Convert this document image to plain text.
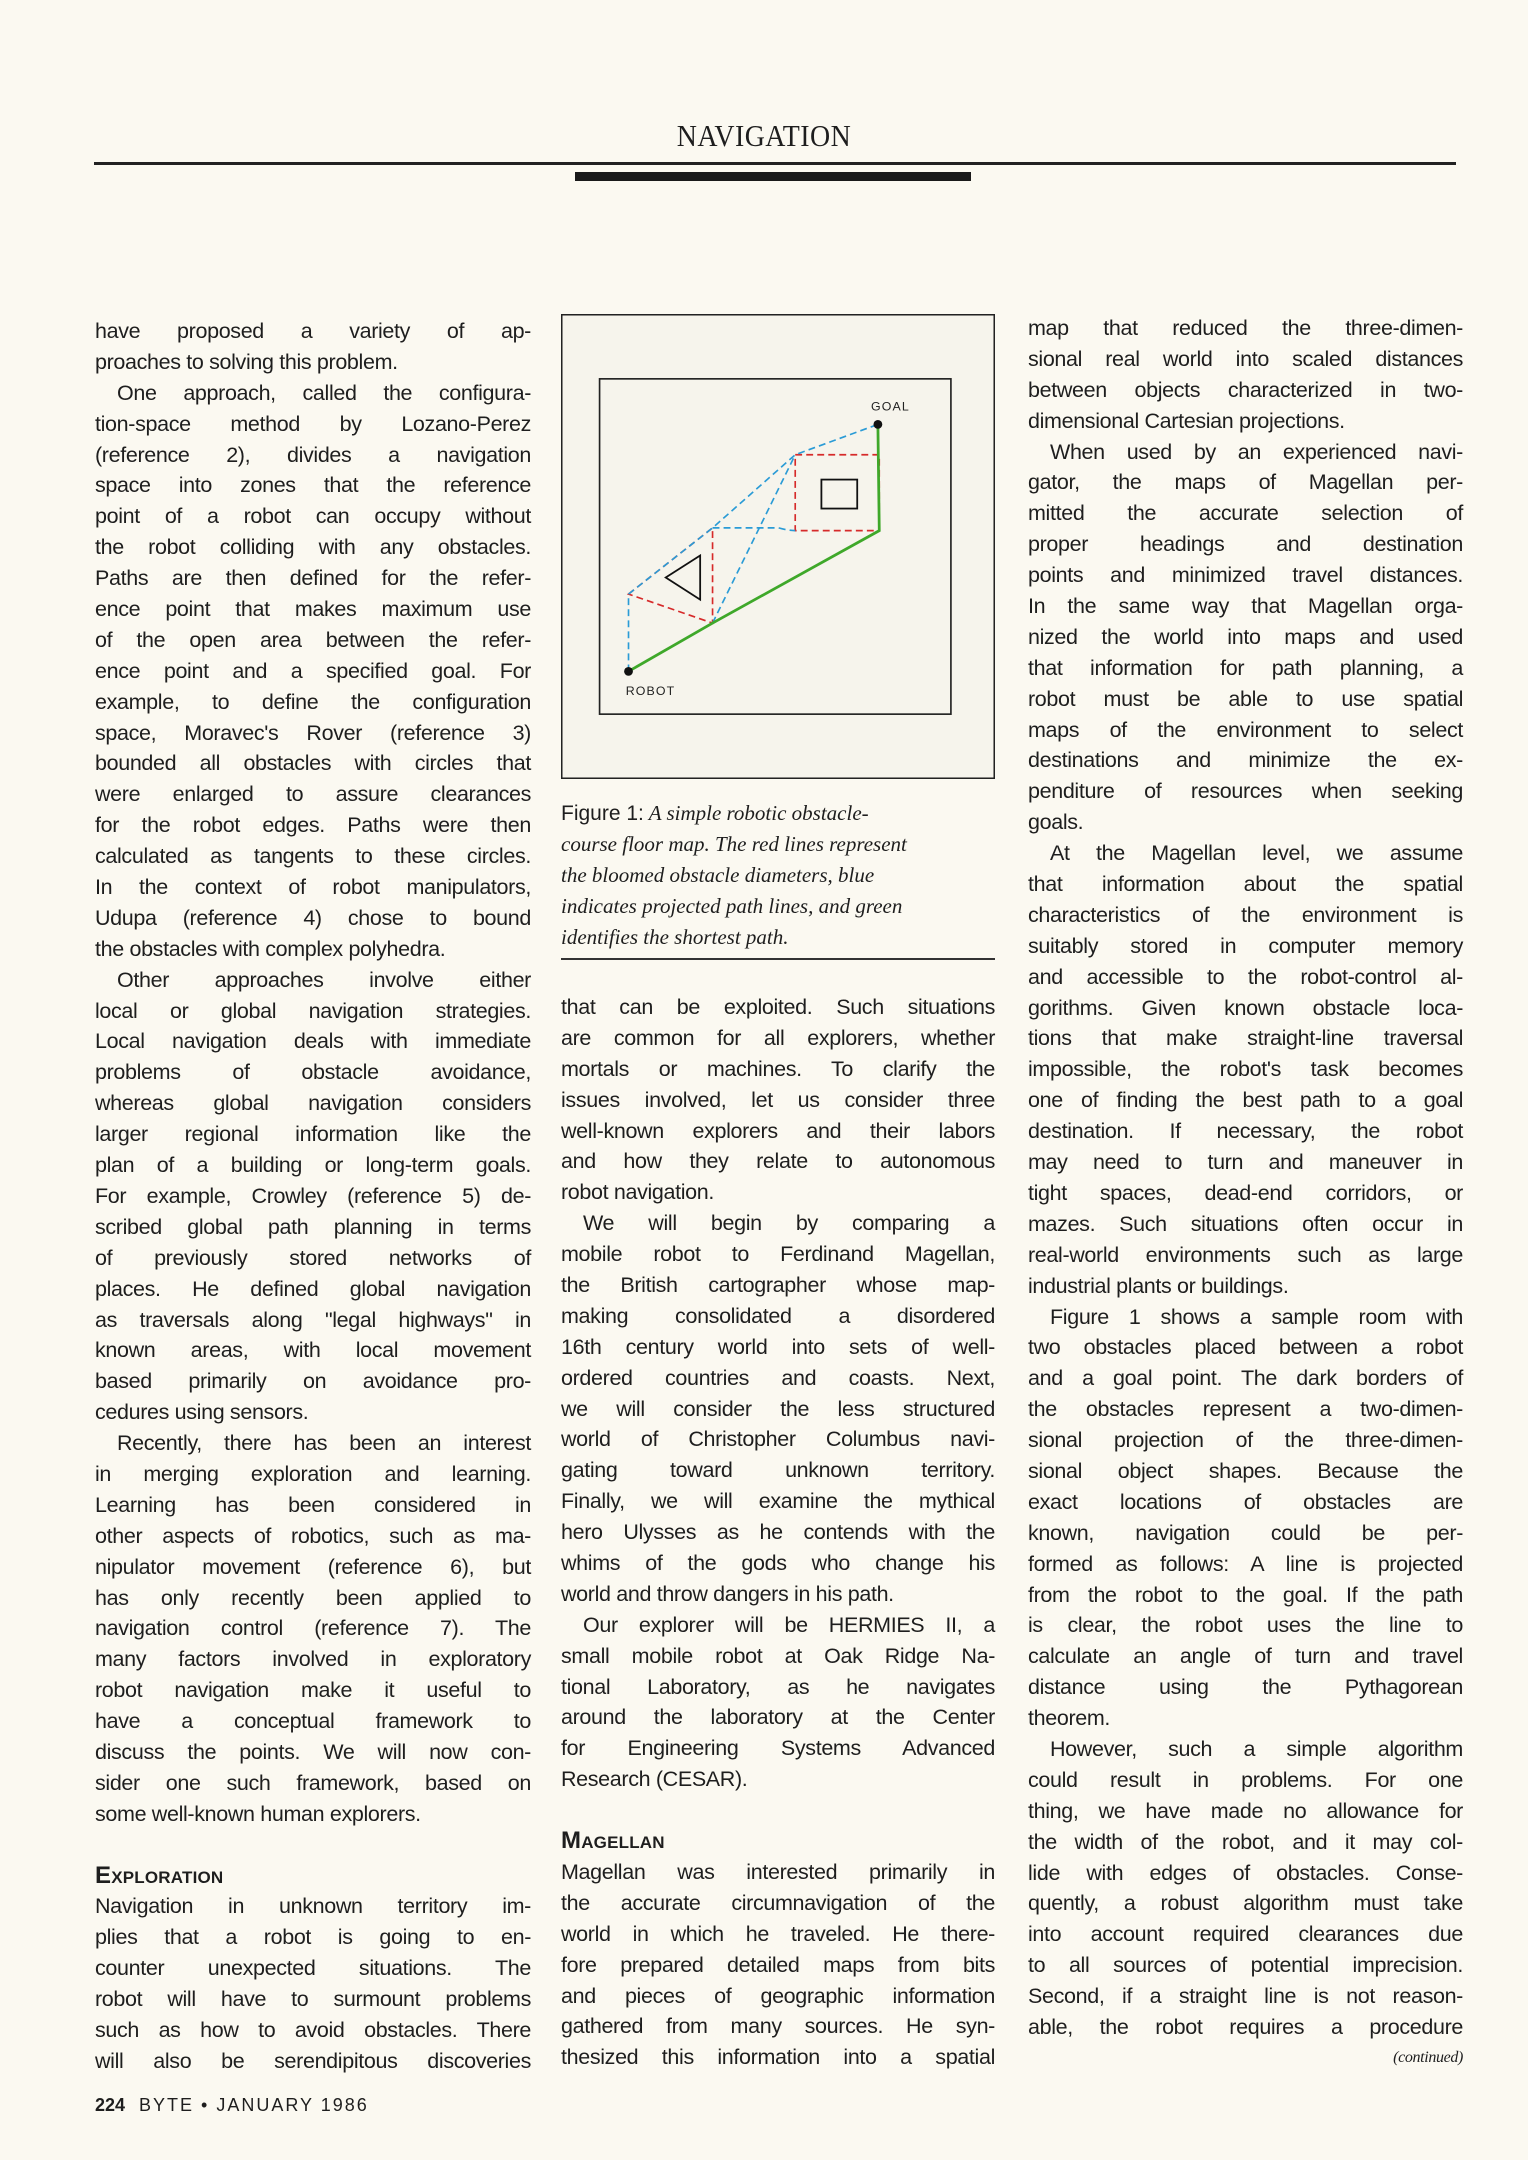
NAVIGATION
have proposed a variety of ap-
proaches to solving this problem.
One approach, called the configura-
tion-space method by Lozano-Perez
(reference 2), divides a navigation
space into zones that the reference
point of a robot can occupy without
the robot colliding with any obstacles.
Paths are then defined for the refer-
ence point that makes maximum use
of the open area between the refer-
ence point and a specified goal. For
example, to define the configuration
space, Moravec's Rover (reference 3)
bounded all obstacles with circles that
were enlarged to assure clearances
for the robot edges. Paths were then
calculated as tangents to these circles.
In the context of robot manipulators,
Udupa (reference 4) chose to bound
the obstacles with complex polyhedra.
Other approaches involve either
local or global navigation strategies.
Local navigation deals with immediate
problems of obstacle avoidance,
whereas global navigation considers
larger regional information like the
plan of a building or long-term goals.
For example, Crowley (reference 5) de-
scribed global path planning in terms
of previously stored networks of
places. He defined global navigation
as traversals along "legal highways" in
known areas, with local movement
based primarily on avoidance pro-
cedures using sensors.
Recently, there has been an interest
in merging exploration and learning.
Learning has been considered in
other aspects of robotics, such as ma-
nipulator movement (reference 6), but
has only recently been applied to
navigation control (reference 7). The
many factors involved in exploratory
robot navigation make it useful to
have a conceptual framework to
discuss the points. We will now con-
sider one such framework, based on
some well-known human explorers.
Exploration
Navigation in unknown territory im-
plies that a robot is going to en-
counter unexpected situations. The
robot will have to surmount problems
such as how to avoid obstacles. There
will also be serendipitous discoveries
that can be exploited. Such situations
are common for all explorers, whether
mortals or machines. To clarify the
issues involved, let us consider three
well-known explorers and their labors
and how they relate to autonomous
robot navigation.
We will begin by comparing a
mobile robot to Ferdinand Magellan,
the British cartographer whose map-
making consolidated a disordered
16th century world into sets of well-
ordered countries and coasts. Next,
we will consider the less structured
world of Christopher Columbus navi-
gating toward unknown territory.
Finally, we will examine the mythical
hero Ulysses as he contends with the
whims of the gods who change his
world and throw dangers in his path.
Our explorer will be HERMIES II, a
small mobile robot at Oak Ridge Na-
tional Laboratory, as he navigates
around the laboratory at the Center
for Engineering Systems Advanced
Research (CESAR).
Magellan
Magellan was interested primarily in
the accurate circumnavigation of the
world in which he traveled. He there-
fore prepared detailed maps from bits
and pieces of geographic information
gathered from many sources. He syn-
thesized this information into a spatial
map that reduced the three-dimen-
sional real world into scaled distances
between objects characterized in two-
dimensional Cartesian projections.
When used by an experienced navi-
gator, the maps of Magellan per-
mitted the accurate selection of
proper headings and destination
points and minimized travel distances.
In the same way that Magellan orga-
nized the world into maps and used
that information for path planning, a
robot must be able to use spatial
maps of the environment to select
destinations and minimize the ex-
penditure of resources when seeking
goals.
At the Magellan level, we assume
that information about the spatial
characteristics of the environment is
suitably stored in computer memory
and accessible to the robot-control al-
gorithms. Given known obstacle loca-
tions that make straight-line traversal
impossible, the robot's task becomes
one of finding the best path to a goal
destination. If necessary, the robot
may need to turn and maneuver in
tight spaces, dead-end corridors, or
mazes. Such situations often occur in
real-world environments such as large
industrial plants or buildings.
Figure 1 shows a sample room with
two obstacles placed between a robot
and a goal point. The dark borders of
the obstacles represent a two-dimen-
sional projection of the three-dimen-
sional object shapes. Because the
exact locations of obstacles are
known, navigation could be per-
formed as follows: A line is projected
from the robot to the goal. If the path
is clear, the robot uses the line to
calculate an angle of turn and travel
distance using the Pythagorean
theorem.
However, such a simple algorithm
could result in problems. For one
thing, we have made no allowance for
the width of the robot, and it may col-
lide with edges of obstacles. Conse-
quently, a robust algorithm must take
into account required clearances due
to all sources of potential imprecision.
Second, if a straight line is not reason-
able, the robot requires a procedure
(continued)
GOAL
ROBOT
Figure 1: A simple robotic obstacle-
course floor map. The red lines represent
the bloomed obstacle diameters, blue
indicates projected path lines, and green
identifies the shortest path.
224 BYTE • JANUARY 1986
